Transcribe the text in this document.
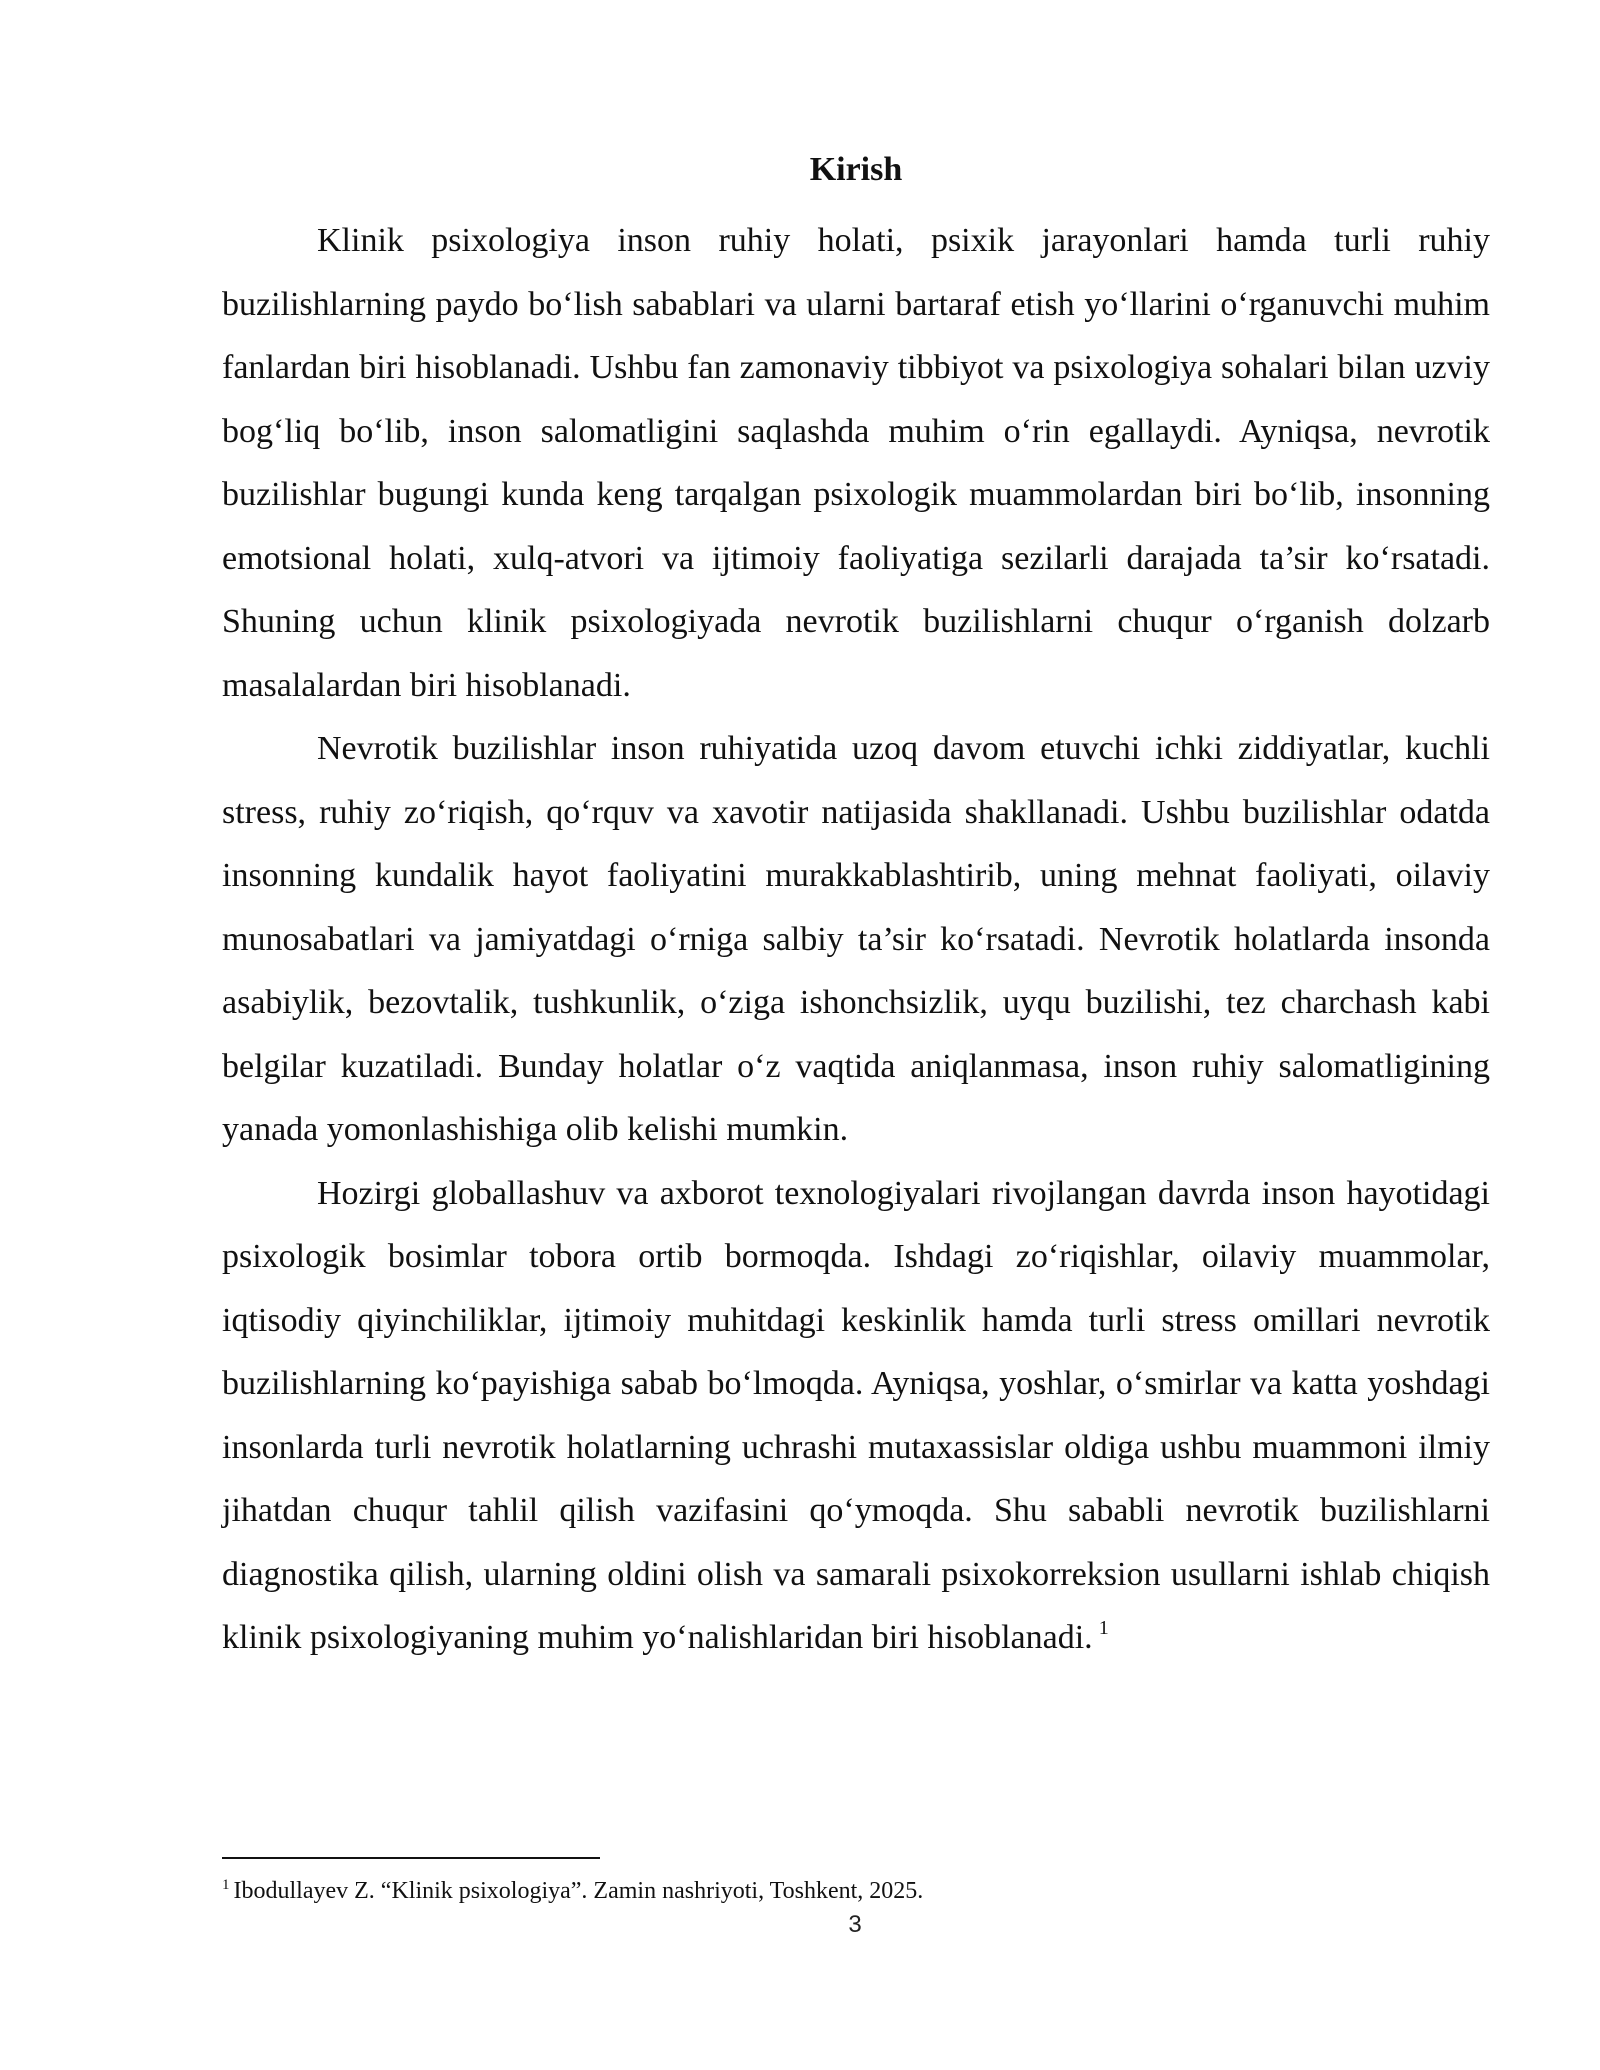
Kirish

Klinik psixologiya inson ruhiy holati, psixik jarayonlari hamda turli ruhiy buzilishlarning paydo bo‘lish sabablari va ularni bartaraf etish yo‘llarini o‘rganuvchi muhim fanlardan biri hisoblanadi. Ushbu fan zamonaviy tibbiyot va psixologiya sohalari bilan uzviy bog‘liq bo‘lib, inson salomatligini saqlashda muhim o‘rin egallaydi. Ayniqsa, nevrotik buzilishlar bugungi kunda keng tarqalgan psixologik muammolardan biri bo‘lib, insonning emotsional holati, xulq-atvori va ijtimoiy faoliyatiga sezilarli darajada ta’sir ko‘rsatadi. Shuning uchun klinik psixologiyada nevrotik buzilishlarni chuqur o‘rganish dolzarb masalalardan biri hisoblanadi.

Nevrotik buzilishlar inson ruhiyatida uzoq davom etuvchi ichki ziddiyatlar, kuchli stress, ruhiy zo‘riqish, qo‘rquv va xavotir natijasida shakllanadi. Ushbu buzilishlar odatda insonning kundalik hayot faoliyatini murakkablashtirib, uning mehnat faoliyati, oilaviy munosabatlari va jamiyatdagi o‘rniga salbiy ta’sir ko‘rsatadi. Nevrotik holatlarda insonda asabiylik, bezovtalik, tushkunlik, o‘ziga ishonchsizlik, uyqu buzilishi, tez charchash kabi belgilar kuzatiladi. Bunday holatlar o‘z vaqtida aniqlanmasa, inson ruhiy salomatligining yanada yomonlashishiga olib kelishi mumkin.

Hozirgi globallashuv va axborot texnologiyalari rivojlangan davrda inson hayotidagi psixologik bosimlar tobora ortib bormoqda. Ishdagi zo‘riqishlar, oilaviy muammolar, iqtisodiy qiyinchiliklar, ijtimoiy muhitdagi keskinlik hamda turli stress omillari nevrotik buzilishlarning ko‘payishiga sabab bo‘lmoqda. Ayniqsa, yoshlar, o‘smirlar va katta yoshdagi insonlarda turli nevrotik holatlarning uchrashi mutaxassislar oldiga ushbu muammoni ilmiy jihatdan chuqur tahlil qilish vazifasini qo‘ymoqda. Shu sababli nevrotik buzilishlarni diagnostika qilish, ularning oldini olish va samarali psixokorreksion usullarni ishlab chiqish klinik psixologiyaning muhim yo‘nalishlaridan biri hisoblanadi. $^1$

$^1$ Ibodullayev Z. “Klinik psixologiya”. Zamin nashriyoti, Toshkent, 2025.
3
